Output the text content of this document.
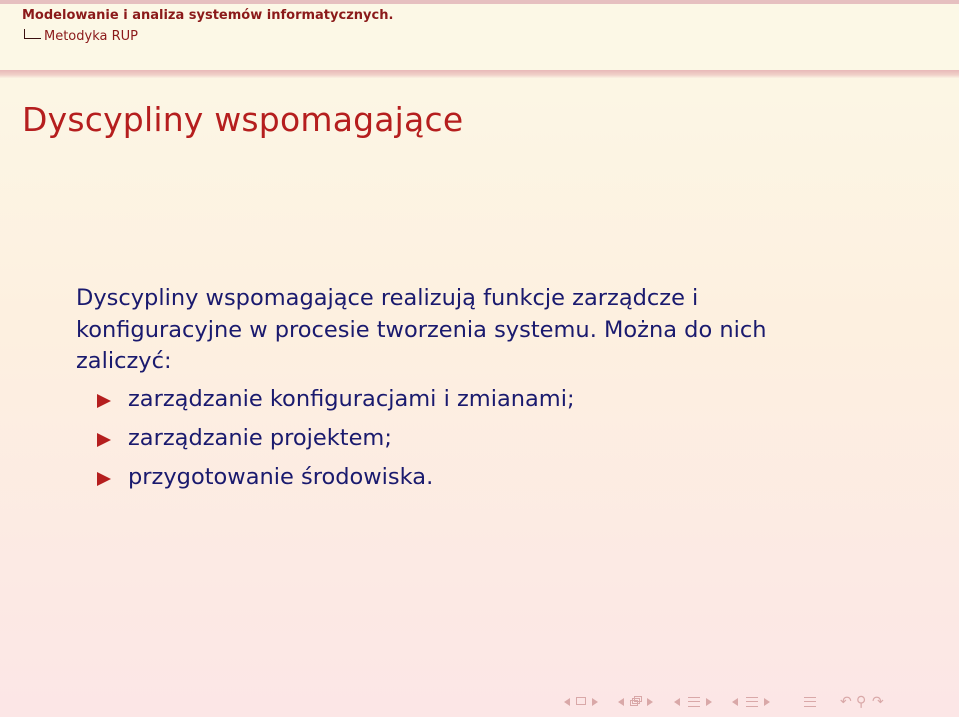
Modelowanie i analiza systemów informatycznych.
Metodyka RUP
Dyscypliny wspomagające
Dyscypliny wspomagające realizują funkcje zarządcze i konfiguracyjne w procesie tworzenia systemu. Można do nich zaliczyć:
zarządzanie konfiguracjami i zmianami;
zarządzanie projektem;
przygotowanie środowiska.
↶ ⚲ ↷
